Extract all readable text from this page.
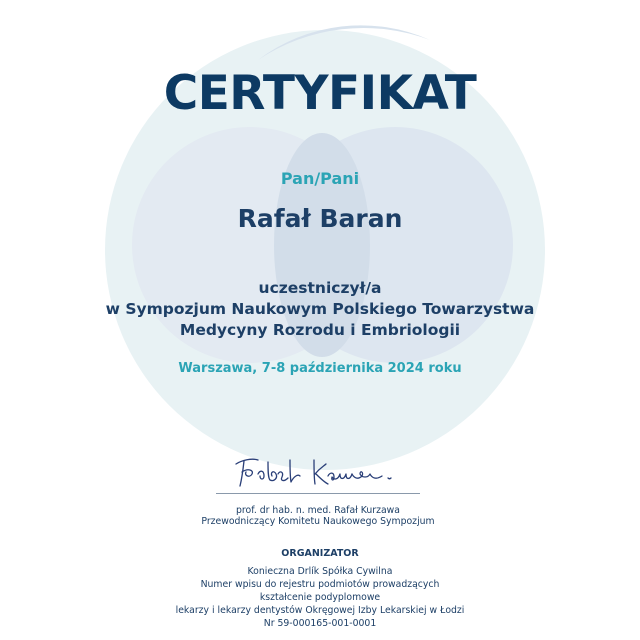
CERTYFIKAT
Pan/Pani
Rafał Baran
uczestniczył/a
w Sympozjum Naukowym Polskiego Towarzystwa
Medycyny Rozrodu i Embriologii
Warszawa, 7-8 października 2024 roku
prof. dr hab. n. med. Rafał Kurzawa
Przewodniczący Komitetu Naukowego Sympozjum
ORGANIZATOR
Konieczna Drlík Spółka Cywilna
Numer wpisu do rejestru podmiotów prowadzących
kształcenie podyplomowe
lekarzy i lekarzy dentystów Okręgowej Izby Lekarskiej w Łodzi
Nr 59-000165-001-0001
